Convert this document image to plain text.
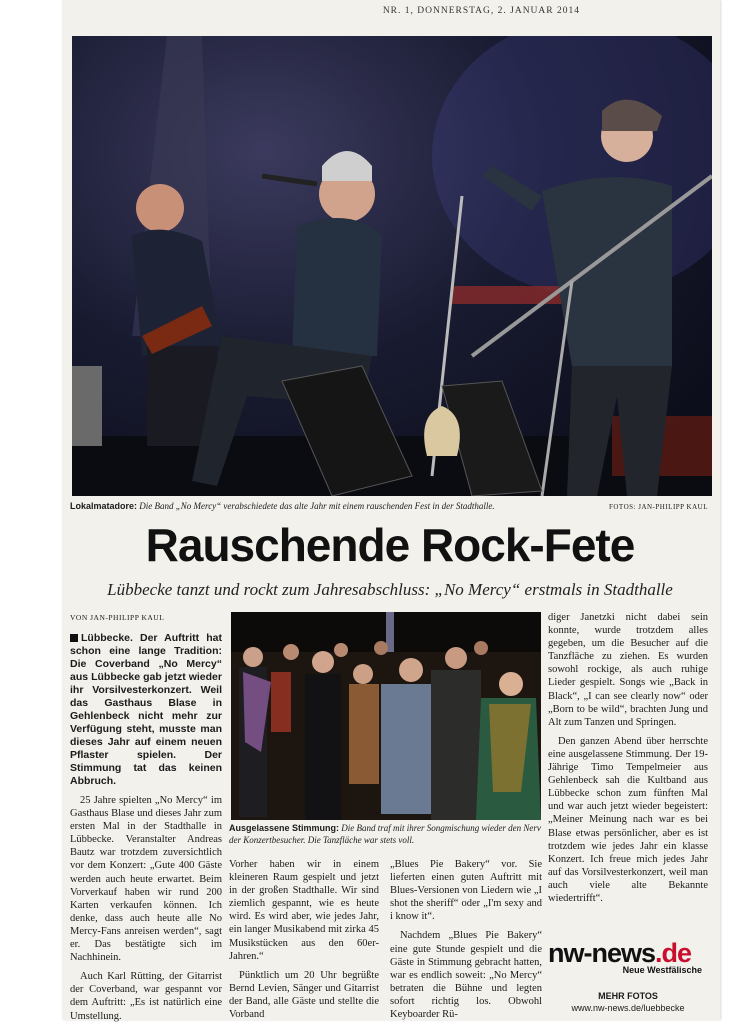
NR. 1, DONNERSTAG, 2. JANUAR 2014
Lokalmatadore: Die Band „No Mercy“ verabschiedete das alte Jahr mit einem rauschenden Fest in der Stadthalle.	FOTOS: JAN-PHILIPP KAUL
Rauschende Rock-Fete
Lübbecke tanzt und rockt zum Jahresabschluss: „No Mercy“ erstmals in Stadthalle
VON JAN-PHILIPP KAUL

Lübbecke. Der Auftritt hat schon eine lange Tradition: Die Coverband „No Mercy“ aus Lübbecke gab jetzt wieder ihr Vorsilvesterkonzert. Weil das Gasthaus Blase in Gehlenbeck nicht mehr zur Verfügung steht, musste man dieses Jahr auf einem neuen Pflaster spielen. Der Stimmung tat das keinen Abbruch.

25 Jahre spielten „No Mercy“ im Gasthaus Blase und dieses Jahr zum ersten Mal in der Stadthalle in Lübbecke. Veranstalter Andreas Bautz war trotzdem zuversichtlich vor dem Konzert: „Gute 400 Gäste werden auch heute erwartet. Beim Vorverkauf haben wir rund 200 Karten verkaufen können. Ich denke, dass auch heute alle No Mercy-Fans anreisen werden“, sagt er. Das bestätigte sich im Nachhinein.

Auch Karl Rütting, der Gitarrist der Coverband, war gespannt vor dem Auftritt: „Es ist natürlich eine Umstellung.

Ausgelassene Stimmung: Die Band traf mit ihrer Songmischung wieder den Nerv der Konzertbesucher. Die Tanzfläche war stets voll.

Vorher haben wir in einem kleineren Raum gespielt und jetzt in der großen Stadthalle. Wir sind ziemlich gespannt, wie es heute wird. Es wird aber, wie jedes Jahr, ein langer Musikabend mit zirka 45 Musikstücken aus den 60er-Jahren.“

Pünktlich um 20 Uhr begrüßte Bernd Levien, Sänger und Gitarrist der Band, alle Gäste und stellte die Vorband

„Blues Pie Bakery“ vor. Sie lieferten einen guten Auftritt mit Blues-Versionen von Liedern wie „I shot the sheriff“ oder „I'm sexy and i know it“.

Nachdem „Blues Pie Bakery“ eine gute Stunde gespielt und die Gäste in Stimmung gebracht hatten, war es endlich soweit: „No Mercy“ betraten die Bühne und legten sofort richtig los. Obwohl Keyboarder Rü-

diger Janetzki nicht dabei sein konnte, wurde trotzdem alles gegeben, um die Besucher auf die Tanzfläche zu ziehen. Es wurden sowohl rockige, als auch ruhige Lieder gespielt. Songs wie „Back in Black“, „I can see clearly now“ oder „Born to be wild“, brachten Jung und Alt zum Tanzen und Springen.

Den ganzen Abend über herrschte eine ausgelassene Stimmung. Der 19-Jährige Timo Tempelmeier aus Gehlenbeck sah die Kultband aus Lübbecke schon zum fünften Mal und war auch jetzt wieder begeistert: „Meiner Meinung nach war es bei Blase etwas persönlicher, aber es ist trotzdem wie jedes Jahr ein klasse Konzert. Ich freue mich jedes Jahr auf das Vorsilvesterkonzert, weil man auch viele alte Bekannte wiedertrifft“.

nw-news.de
Neue Westfälische
MEHR FOTOS
www.nw-news.de/luebbecke
